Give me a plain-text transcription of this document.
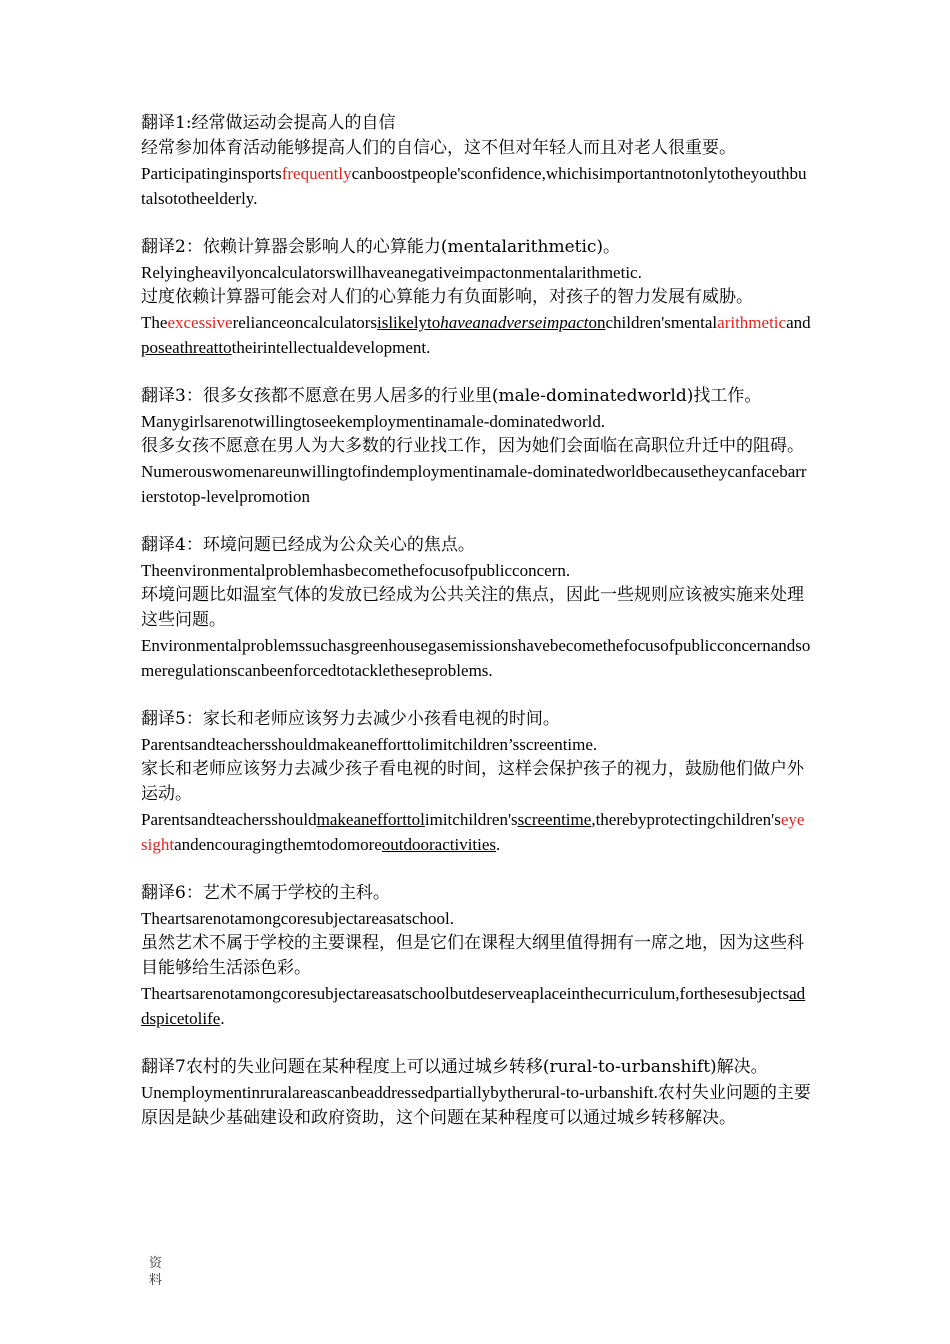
翻译1:经常做运动会提高人的自信

经常参加体育活动能够提高人们的自信心，这不但对年轻人而且对老人很重要。

Participatinginsportsfrequentlycanboostpeople'sconfidence,whichisimportantnotonlytotheyouthbutalsototheelderly.

翻译2：依赖计算器会影响人的心算能力(mentalarithmetic)。

Relyingheavilyoncalculatorswillhaveanegativeimpactonmentalarithmetic.

过度依赖计算器可能会对人们的心算能力有负面影响，对孩子的智力发展有威胁。

Theexcessiverelianceoncalculatorsislikelytohaveanadverseimpactonchildren'smentalarithmeticandposeathreattotheirintellectualdevelopment.

翻译3：很多女孩都不愿意在男人居多的行业里(male-dominatedworld)找工作。

Manygirlsarenotwillingtoseekemploymentinamale-dominatedworld.

很多女孩不愿意在男人为大多数的行业找工作，因为她们会面临在高职位升迁中的阻碍。

Numerouswomenareunwillingtofindemploymentinamale-dominatedworldbecausetheycanfacebarrierstotop-levelpromotion

翻译4：环境问题已经成为公众关心的焦点。

Theenvironmentalproblemhasbecomethefocusofpublicconcern.

环境问题比如温室气体的发放已经成为公共关注的焦点，因此一些规则应该被实施来处理这些问题。

Environmentalproblemssuchasgreenhousegasemissionshavebecomethefocusofpublicconcernandsomeregulationscanbeenforcedtotackletheseproblems.

翻译5：家长和老师应该努力去减少小孩看电视的时间。

Parentsandteachersshouldmakeanefforttolimitchildren’sscreentime.

家长和老师应该努力去减少孩子看电视的时间，这样会保护孩子的视力，鼓励他们做户外运动。

Parentsandteachersshouldmakeanefforttolimitchildren'sscreentime,therebyprotectingchildren'seyesightandencouragingthemtodomoreoutdooractivities.

翻译6：艺术不属于学校的主科。

Theartsarenotamongcoresubjectareasatschool.

虽然艺术不属于学校的主要课程，但是它们在课程大纲里值得拥有一席之地，因为这些科目能够给生活添色彩。

Theartsarenotamongcoresubjectareasatschoolbutdeserveaplaceinthecurriculum,forthesesubjectsaddspicetolife.

翻译7农村的失业问题在某种程度上可以通过城乡转移(rural-to-urbanshift)解决。

Unemploymentinruralareascanbeaddressedpartiallybytherural-to-urbanshift.农村失业问题的主要原因是缺少基础建设和政府资助，这个问题在某种程度可以通过城乡转移解决。

资料
